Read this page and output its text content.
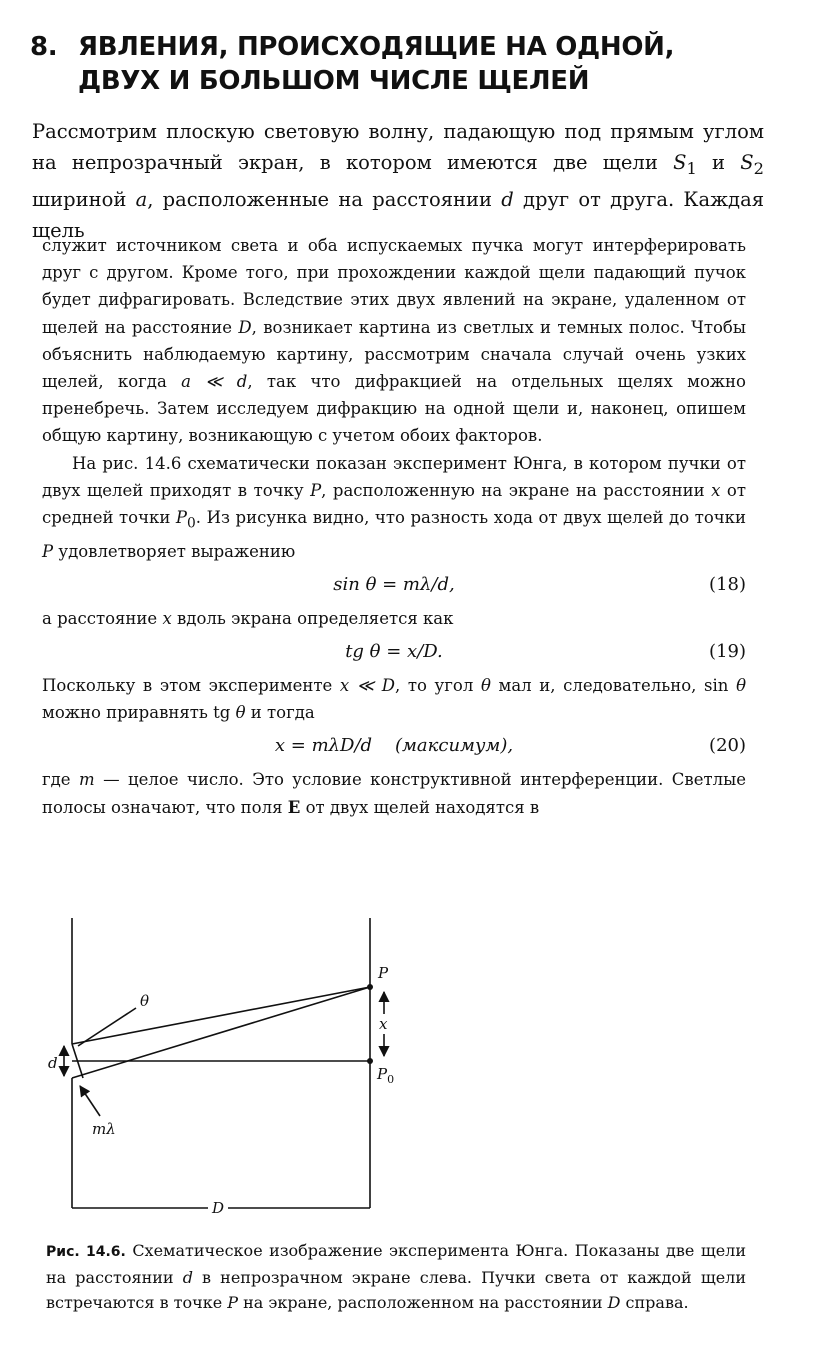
8. ЯВЛЕНИЯ, ПРОИСХОДЯЩИЕ НА ОДНОЙ,
ДВУХ И БОЛЬШОМ ЧИСЛЕ ЩЕЛЕЙ

Рассмотрим плоскую световую волну, падающую под прямым углом на непрозрачный экран, в котором имеются две щели $S_1$ и $S_2$ шириной a, расположенные на расстоянии d друг от друга. Каждая щель

служит источником света и оба испускаемых пучка могут интерферировать друг с другом. Кроме того, при прохождении каждой щели падающий пучок будет дифрагировать. Вследствие этих двух явлений на экране, удаленном от щелей на расстояние D, возникает картина из светлых и темных полос. Чтобы объяснить наблюдаемую картину, рассмотрим сначала случай очень узких щелей, когда a ≪ d, так что дифракцией на отдельных щелях можно пренебречь. Затем исследуем дифракцию на одной щели и, наконец, опишем общую картину, возникающую с учетом обоих факторов.

На рис. 14.6 схематически показан эксперимент Юнга, в котором пучки от двух щелей приходят в точку P, расположенную на экране на расстоянии x от средней точки $P_0$. Из рисунка видно, что разность хода от двух щелей до точки P удовлетворяет выражению

sin θ = mλ/d,	(18)

а расстояние x вдоль экрана определяется как

tg θ = x/D.	(19)

Поскольку в этом эксперименте x ≪ D, то угол θ мал и, следовательно, sin θ можно приравнять tg θ и тогда

x = mλD/d    (максимум),	(20)

где m — целое число. Это условие конструктивной интерференции. Светлые полосы означают, что поля E от двух щелей находятся в

θ
d
mλ
P
x
$P_0$
D

Рис. 14.6. Схематическое изображение эксперимента Юнга. Показаны две щели на расстоянии d в непрозрачном экране слева. Пучки света от каждой щели встречаются в точке P на экране, расположенном на расстоянии D справа.
